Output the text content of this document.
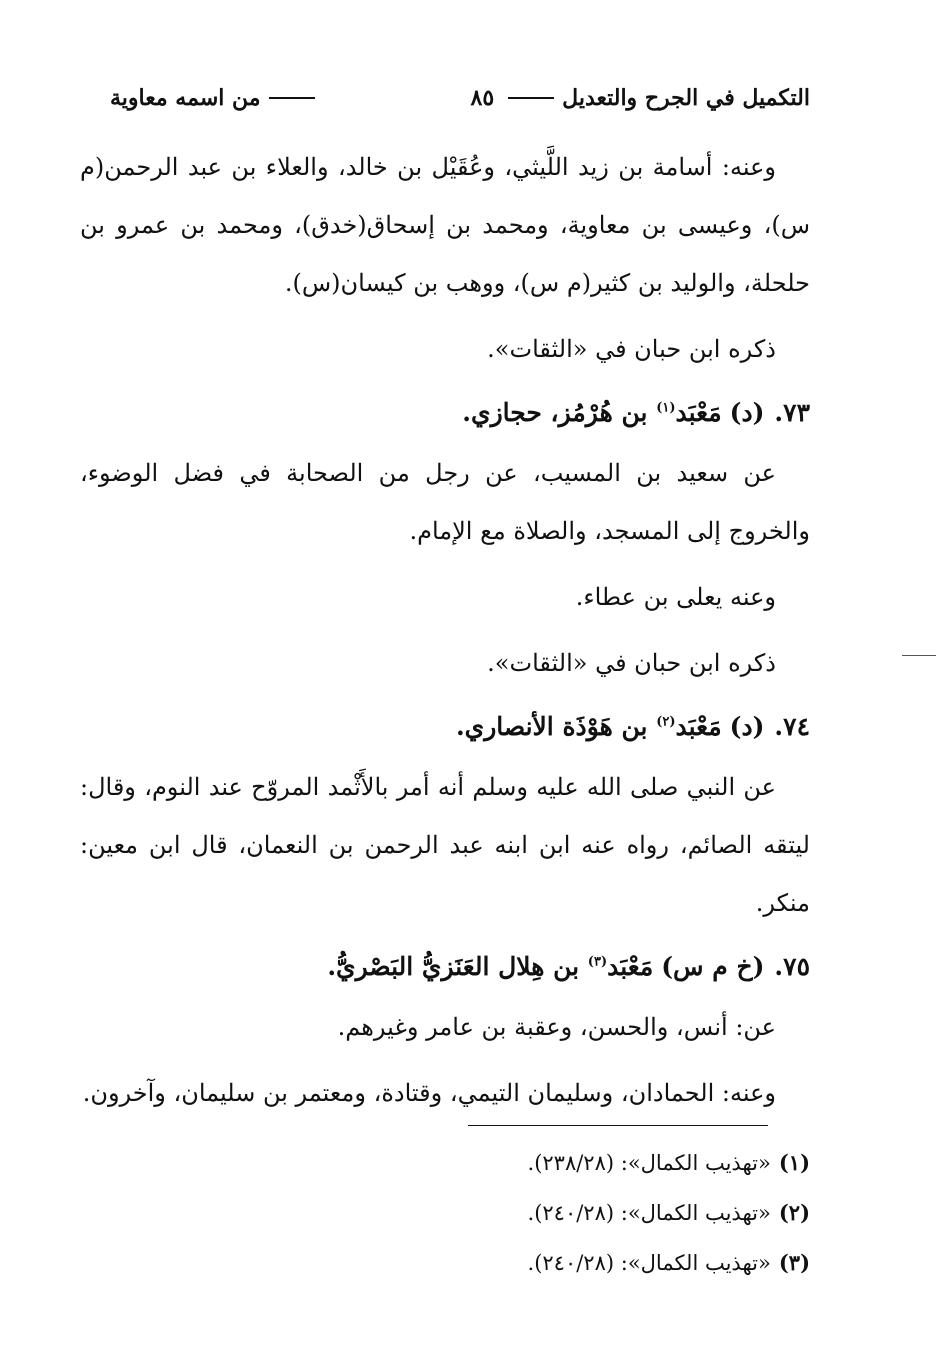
التكميل في الجرح والتعديل
٨٥
من اسمه معاوية

وعنه: أسامة بن زيد اللَّيثي، وعُقَيْل بن خالد، والعلاء بن عبد الرحمن(م س)، وعيسى بن معاوية، ومحمد بن إسحاق(خدق)، ومحمد بن عمرو بن حلحلة، والوليد بن كثير(م س)، ووهب بن كيسان(س).

ذكره ابن حبان في «الثقات».

٧٣.(د)مَعْبَد$^{(١)}$ بن هُرْمُز، حجازي.

عن سعيد بن المسيب، عن رجل من الصحابة في فضل الوضوء، والخروج إلى المسجد، والصلاة مع الإمام.

وعنه يعلى بن عطاء.

ذكره ابن حبان في «الثقات».

٧٤.(د)مَعْبَد$^{(٢)}$ بن هَوْذَة الأنصاري.

عن النبي صلى الله عليه وسلم أنه أمر بالأَثْمد المروّح عند النوم، وقال: ليتقه الصائم، رواه عنه ابن ابنه عبد الرحمن بن النعمان، قال ابن معين: منكر.

٧٥.(خ م س)مَعْبَد$^{(٣)}$ بن هِلال العَنَزيُّ البَصْريُّ.

عن: أنس، والحسن، وعقبة بن عامر وغيرهم.

وعنه: الحمادان، وسليمان التيمي، وقتادة، ومعتمر بن سليمان، وآخرون.

(١)«تهذيب الكمال»: (٢٣٨/٢٨).

(٢)«تهذيب الكمال»: (٢٤٠/٢٨).

(٣)«تهذيب الكمال»: (٢٤٠/٢٨).
